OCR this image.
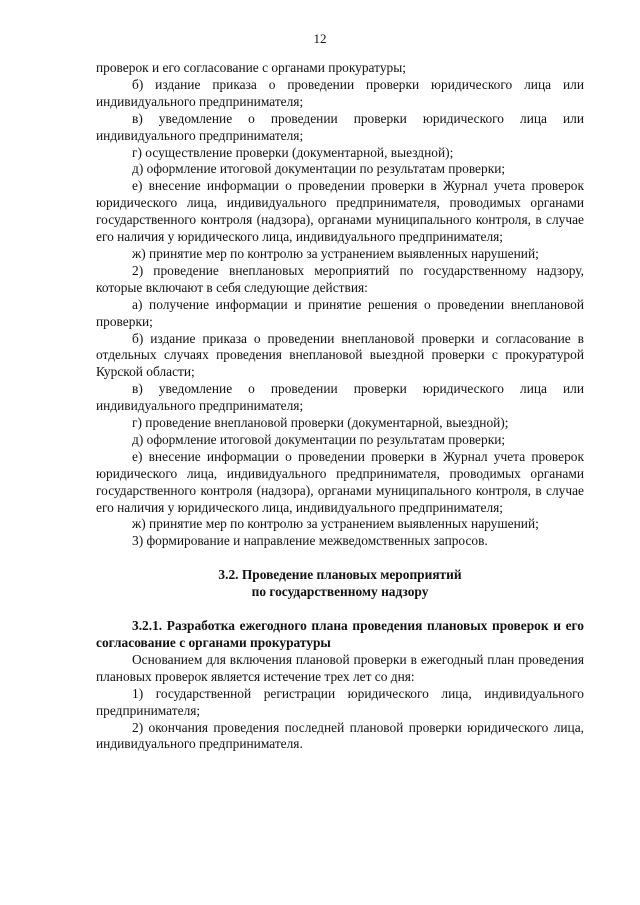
12

проверок и его согласование с органами прокуратуры;

б) издание приказа о проведении проверки юридического лица или индивидуального предпринимателя;

в) уведомление о проведении проверки юридического лица или индивидуального предпринимателя;

г) осуществление проверки (документарной, выездной);

д) оформление итоговой документации по результатам проверки;

е) внесение информации о проведении проверки в Журнал учета проверок юридического лица, индивидуального предпринимателя, проводимых органами государственного контроля (надзора), органами муниципального контроля, в случае его наличия у юридического лица, индивидуального предпринимателя;

ж) принятие мер по контролю за устранением выявленных нарушений;

2) проведение внеплановых мероприятий по государственному надзору, которые включают в себя следующие действия:

а) получение информации и принятие решения о проведении внеплановой проверки;

б) издание приказа о проведении внеплановой проверки и согласование в отдельных случаях проведения внеплановой выездной проверки с прокуратурой Курской области;

в) уведомление о проведении проверки юридического лица или индивидуального предпринимателя;

г) проведение внеплановой проверки (документарной, выездной);

д) оформление итоговой документации по результатам проверки;

е) внесение информации о проведении проверки в Журнал учета проверок юридического лица, индивидуального предпринимателя, проводимых органами государственного контроля (надзора), органами муниципального контроля, в случае его наличия у юридического лица, индивидуального предпринимателя;

ж) принятие мер по контролю за устранением выявленных нарушений;

3) формирование и направление межведомственных запросов.

3.2. Проведение плановых мероприятий

по государственному надзору

3.2.1. Разработка ежегодного плана проведения плановых проверок и его согласование с органами прокуратуры

Основанием для включения плановой проверки в ежегодный план проведения плановых проверок является истечение трех лет со дня:

1) государственной регистрации юридического лица, индивидуального предпринимателя;

2) окончания проведения последней плановой проверки юридического лица, индивидуального предпринимателя.
